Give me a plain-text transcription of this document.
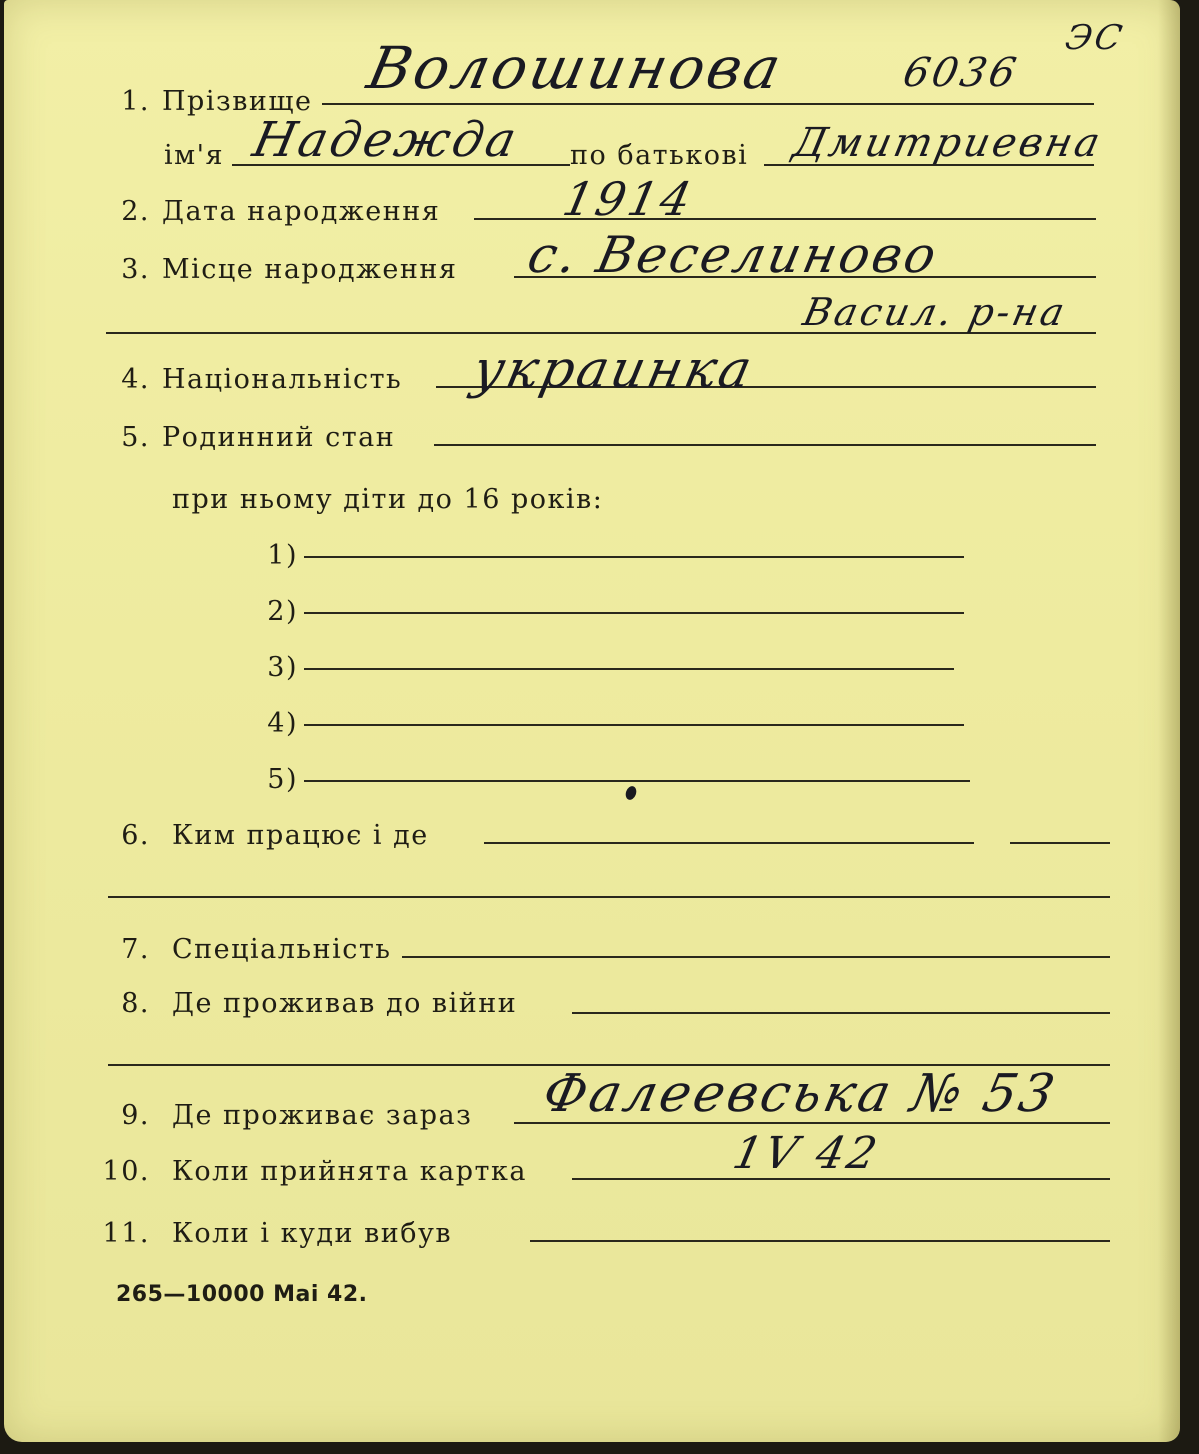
1. Прізвище Волошинова	6036
ЭС
ім'я Надежда по батькові Дмитриевна
2. Дата народження	1914
3. Місце народження с. Веселиново
Васил. р-на
4. Національність украинка
5. Родинний стан
при ньому діти до 16 років:
1)
2)
3)
4)
5)
6. Ким працює і де
7. Спеціальність
8. Де проживав до війни
9. Де проживає зараз Фалеевська № 53
10. Коли прийнята картка	1V 42
11. Коли і куди вибув
265—10000 Mai 42.
